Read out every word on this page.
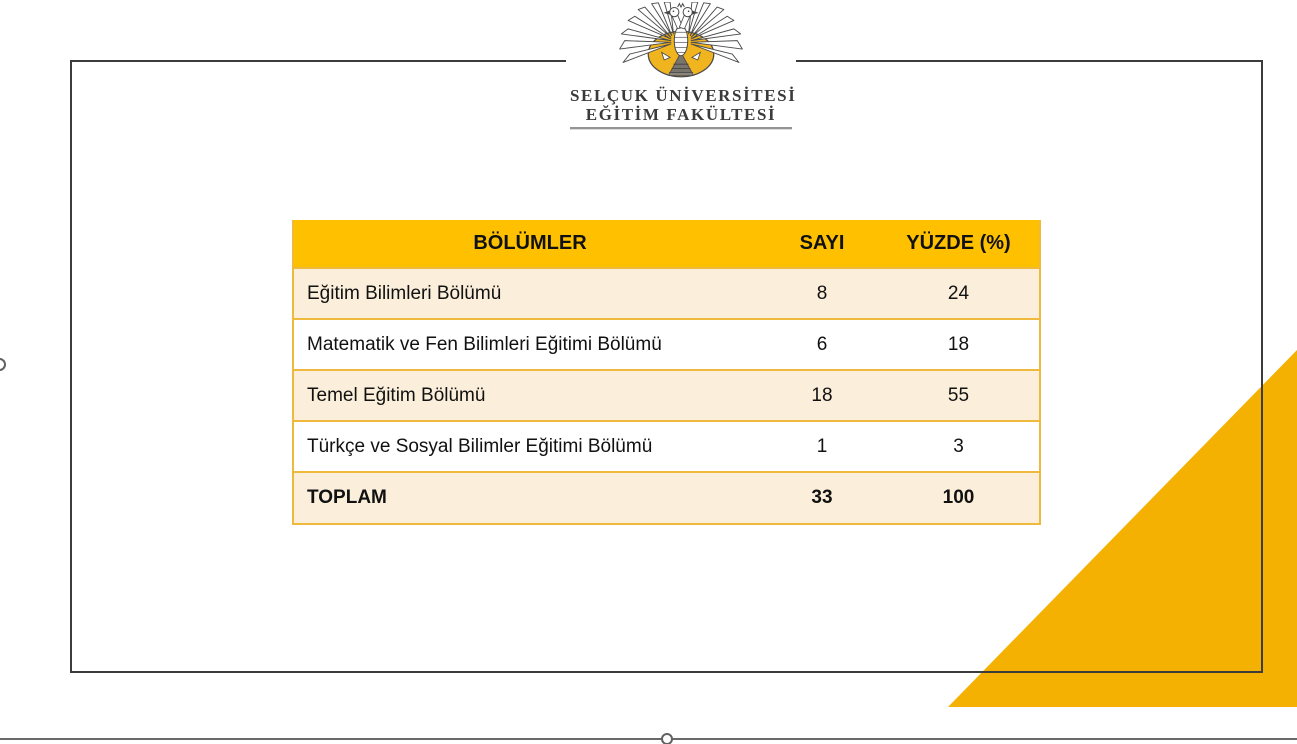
SELÇUK ÜNİVERSİTESİ
EĞİTİM FAKÜLTESİ
BÖLÜMLER	SAYI	YÜZDE (%)
Eğitim Bilimleri Bölümü	8	24
Matematik ve Fen Bilimleri Eğitimi Bölümü	6	18
Temel Eğitim Bölümü	18	55
Türkçe ve Sosyal Bilimler Eğitimi Bölümü	1	3
TOPLAM	33	100
